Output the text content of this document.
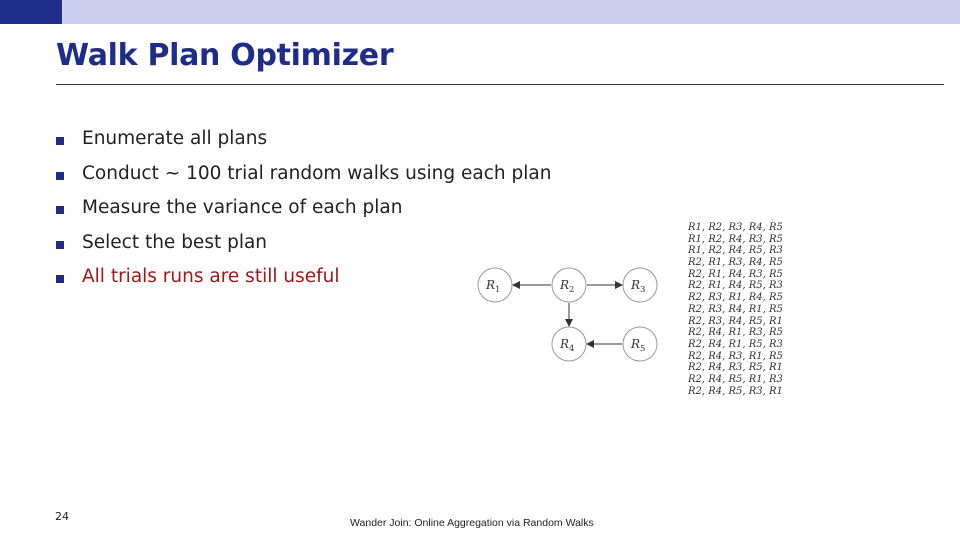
Walk Plan Optimizer
Enumerate all plans
Conduct ~ 100 trial random walks using each plan
Measure the variance of each plan
Select the best plan
All trials runs are still useful	R 1	R 2	R 3
R 4	R 5
R1, R2, R3, R4, R5
R1, R2, R4, R3, R5
R1, R2, R4, R5, R3
R2, R1, R3, R4, R5
R2, R1, R4, R3, R5
R2, R1, R4, R5, R3
R2, R3, R1, R4, R5
R2, R3, R4, R1, R5
R2, R3, R4, R5, R1
R2, R4, R1, R3, R5
R2, R4, R1, R5, R3
R2, R4, R3, R1, R5
R2, R4, R3, R5, R1
R2, R4, R5, R1, R3
R2, R4, R5, R3, R1
24	Wander Join: Online Aggregation via Random Walks
